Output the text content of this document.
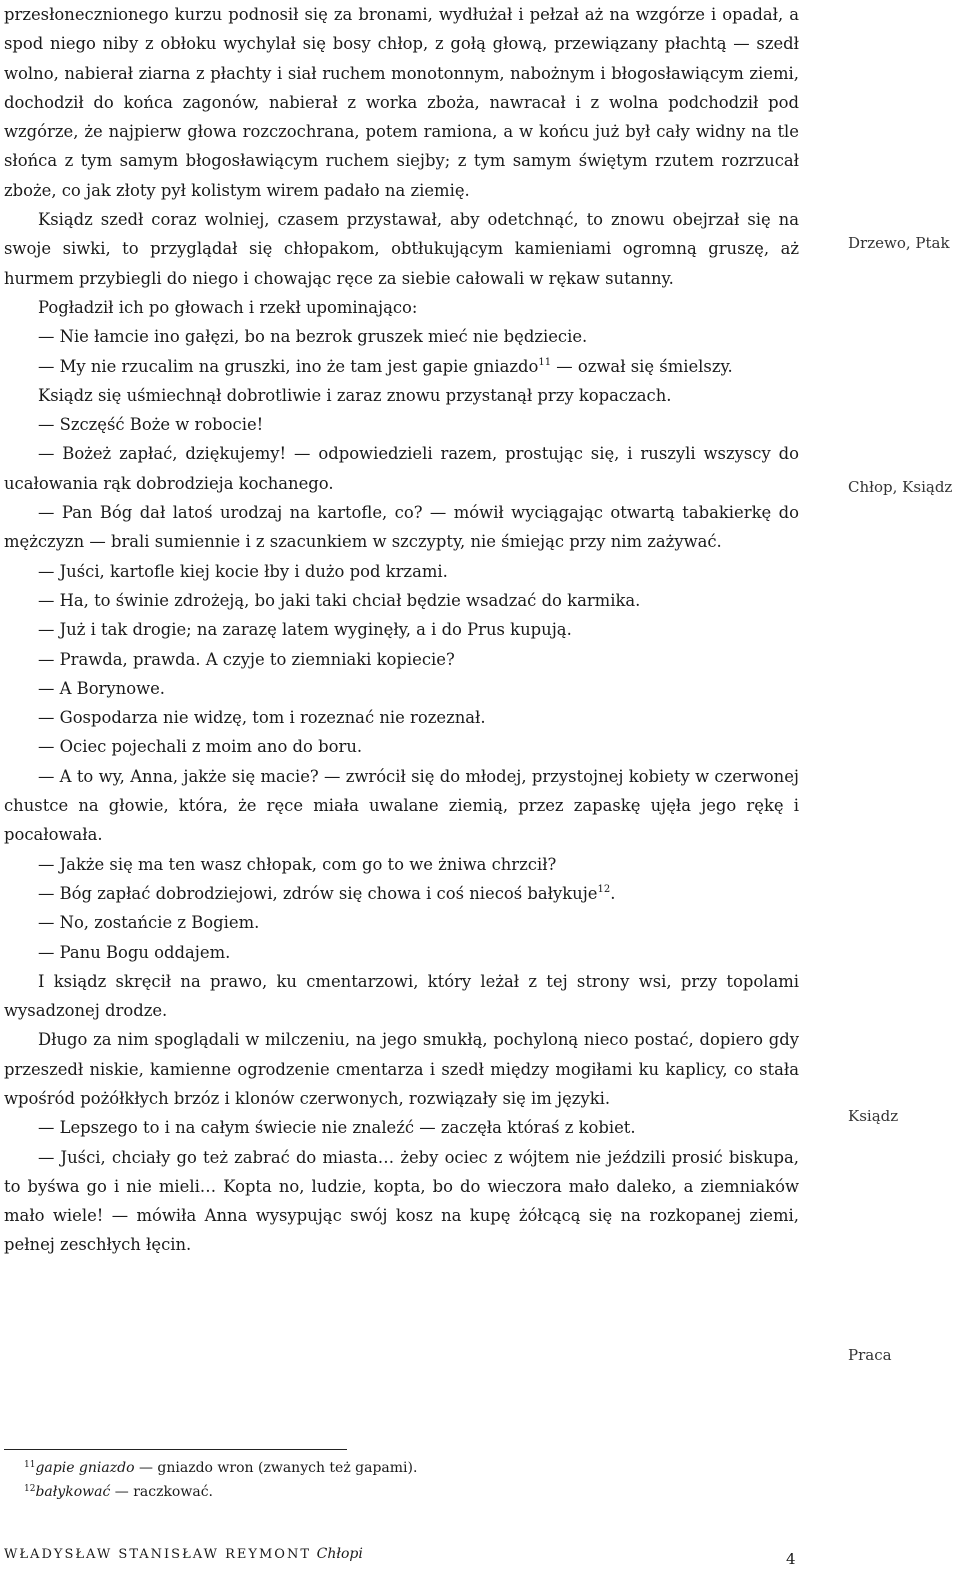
przesłonecznionego kurzu podnosił się za bronami, wydłużał i pełzał aż na wzgórze i opadał, a spod niego niby z obłoku wychylał się bosy chłop, z gołą głową, przewiązany płachtą — szedł wolno, nabierał ziarna z płachty i siał ruchem monotonnym, nabożnym i błogosławiącym ziemi, dochodził do końca zagonów, nabierał z worka zboża, nawracał i z wolna podchodził pod wzgórze, że najpierw głowa rozczochrana, potem ramiona, a w końcu już był cały widny na tle słońca z tym samym błogosławiącym ruchem siejby; z tym samym świętym rzutem rozrzucał zboże, co jak złoty pył kolistym wirem padało na ziemię.

Ksiądz szedł coraz wolniej, czasem przystawał, aby odetchnąć, to znowu obejrzał się na swoje siwki, to przyglądał się chłopakom, obtłukującym kamieniami ogromną gruszę, aż hurmem przybiegli do niego i chowając ręce za siebie całowali w rękaw sutanny.

Pogładził ich po głowach i rzekł upominająco:

— Nie łamcie ino gałęzi, bo na bezrok gruszek mieć nie będziecie.

— My nie rzucalim na gruszki, ino że tam jest gapie gniazdo$^{11}$ — ozwał się śmielszy.

Ksiądz się uśmiechnął dobrotliwie i zaraz znowu przystanął przy kopaczach.

— Szczęść Boże w robocie!

— Bożeż zapłać, dziękujemy! — odpowiedzieli razem, prostując się, i ruszyli wszyscy do ucałowania rąk dobrodzieja kochanego.

— Pan Bóg dał latoś urodzaj na kartofle, co? — mówił wyciągając otwartą tabakierkę do mężczyzn — brali sumiennie i z szacunkiem w szczypty, nie śmiejąc przy nim zażywać.

— Juści, kartofle kiej kocie łby i dużo pod krzami.

— Ha, to świnie zdrożeją, bo jaki taki chciał będzie wsadzać do karmika.

— Już i tak drogie; na zarazę latem wyginęły, a i do Prus kupują.

— Prawda, prawda. A czyje to ziemniaki kopiecie?

— A Borynowe.

— Gospodarza nie widzę, tom i rozeznać nie rozeznał.

— Ociec pojechali z moim ano do boru.

— A to wy, Anna, jakże się macie? — zwrócił się do młodej, przystojnej kobiety w czerwonej chustce na głowie, która, że ręce miała uwalane ziemią, przez zapaskę ujęła jego rękę i pocałowała.

— Jakże się ma ten wasz chłopak, com go to we żniwa chrzcił?

— Bóg zapłać dobrodziejowi, zdrów się chowa i coś niecoś bałykuje$^{12}$.

— No, zostańcie z Bogiem.

— Panu Bogu oddajem.

I ksiądz skręcił na prawo, ku cmentarzowi, który leżał z tej strony wsi, przy topolami wysadzonej drodze.

Długo za nim spoglądali w milczeniu, na jego smukłą, pochyloną nieco postać, dopiero gdy przeszedł niskie, kamienne ogrodzenie cmentarza i szedł między mogiłami ku kaplicy, co stała wpośród pożółkłych brzóz i klonów czerwonych, rozwiązały się im języki.

— Lepszego to i na całym świecie nie znaleźć — zaczęła któraś z kobiet.

— Juści, chciały go też zabrać do miasta… żeby ociec z wójtem nie jeździli prosić biskupa, to byśwa go i nie mieli… Kopta no, ludzie, kopta, bo do wieczora mało daleko, a ziemniaków mało wiele! — mówiła Anna wysypując swój kosz na kupę żółcącą się na rozkopanej ziemi, pełnej zeschłych łęcin.

Drzewo, Ptak
Chłop, Ksiądz
Ksiądz
Praca
$^{11}$gapie gniazdo — gniazdo wron (zwanych też gapami).
$^{12}$bałykować — raczkować.
WŁADYSŁAW STANISŁAW REYMONT Chłopi	4
